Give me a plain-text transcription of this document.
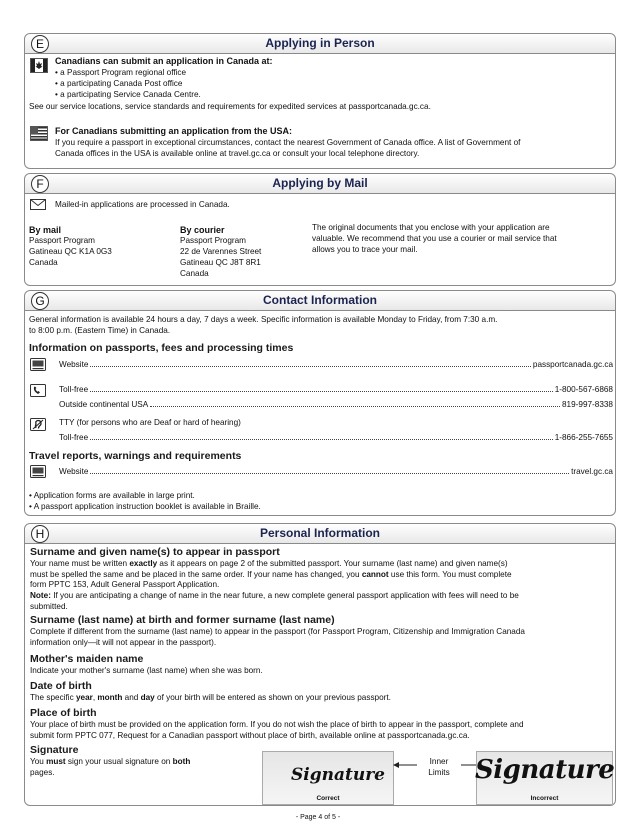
E	Applying in Person
Canadians can submit an application in Canada at:
• a Passport Program regional office
• a participating Canada Post office
• a participating Service Canada Centre.
See our service locations, service standards and requirements for expedited services at passportcanada.gc.ca.
For Canadians submitting an application from the USA:
If you require a passport in exceptional circumstances, contact the nearest Government of Canada office. A list of Government of
Canada offices in the USA is available online at travel.gc.ca or consult your local telephone directory.
F	Applying by Mail
Mailed-in applications are processed in Canada.
By mail
Passport Program
Gatineau QC K1A 0G3
Canada
By courier
Passport Program
22 de Varennes Street
Gatineau QC J8T 8R1
Canada
The original documents that you enclose with your application are
valuable. We recommend that you use a courier or mail service that
allows you to trace your mail.
G	Contact Information
General information is available 24 hours a day, 7 days a week. Specific information is available Monday to Friday, from 7:30 a.m.
to 8:00 p.m. (Eastern Time) in Canada.
Information on passports, fees and processing times
Website	passportcanada.gc.ca
Toll-free	1-800-567-6868
Outside continental USA	819-997-8338
TTY (for persons who are Deaf or hard of hearing)
Toll-free	1-866-255-7655
Travel reports, warnings and requirements
Website	travel.gc.ca
• Application forms are available in large print.
• A passport application instruction booklet is available in Braille.
H	Personal Information
Surname and given name(s) to appear in passport
Your name must be written exactly as it appears on page 2 of the submitted passport. Your surname (last name) and given name(s)
must be spelled the same and be placed in the same order. If your name has changed, you cannot use this form. You must complete
form PPTC 153, Adult General Passport Application.
Note: If you are anticipating a change of name in the near future, a new complete general passport application with fees will need to be
submitted.
Surname (last name) at birth and former surname (last name)
Complete if different from the surname (last name) to appear in the passport (for Passport Program, Citizenship and Immigration Canada
information only—it will not appear in the passport).
Mother's maiden name
Indicate your mother's surname (last name) when she was born.
Date of birth
The specific year, month and day of your birth will be entered as shown on your previous passport.
Place of birth
Your place of birth must be provided on the application form. If you do not wish the place of birth to appear in the passport, complete and
submit form PPTC 077, Request for a Canadian passport without place of birth, available online at passportcanada.gc.ca.
Signature
You must sign your usual signature on both
pages.	Signature
Correct
Inner
Limits Signature
Incorrect
- Page 4 of 5 -
